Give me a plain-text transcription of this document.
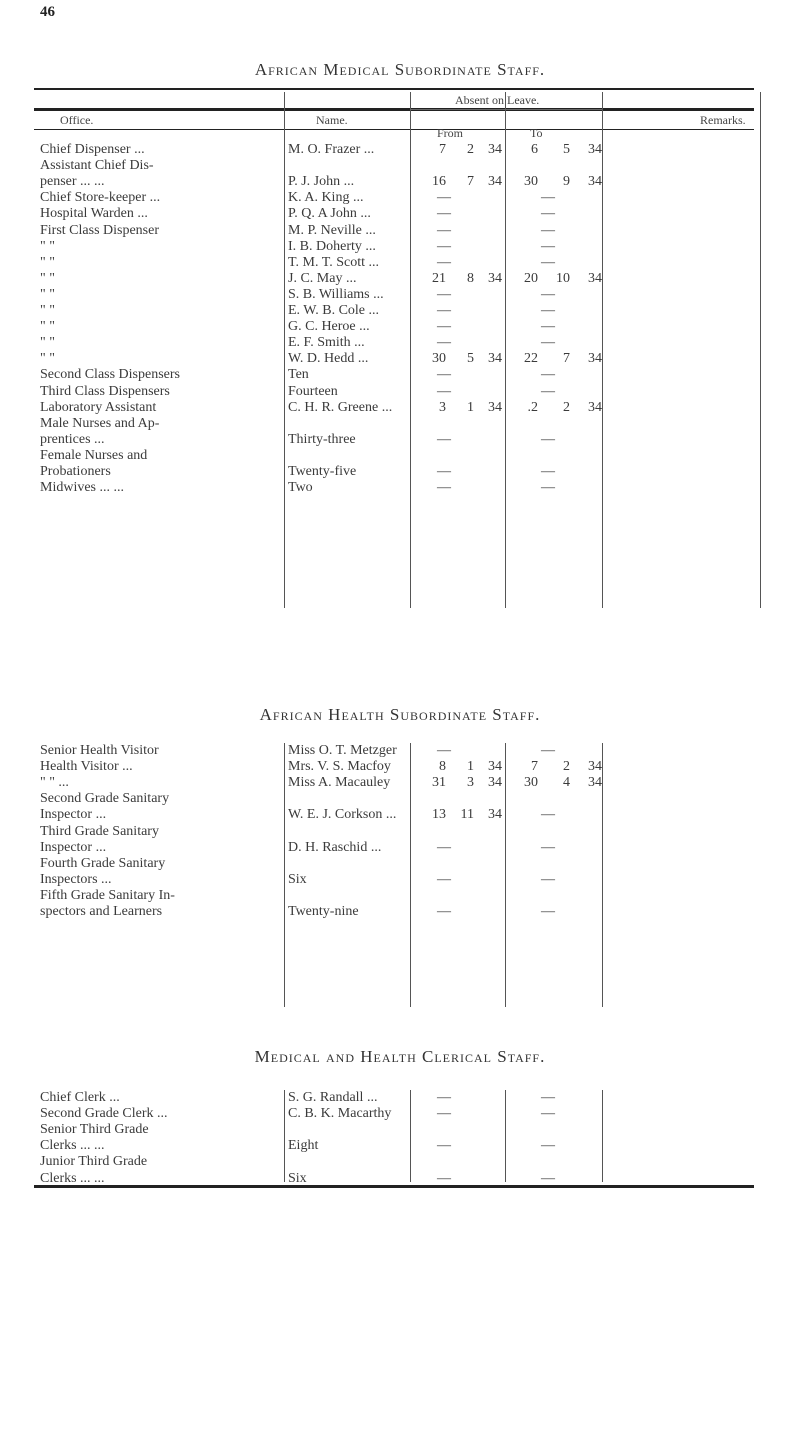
46
African Medical Subordinate Staff.
Office.	Name.
Absent on Leave.
From	To
Remarks.
Chief Dispenser ...	M. O. Frazer ...	7	2	34	6	5	34
Assistant Chief Dis-
penser ... ...	P. J. John ...	16	7	34	30	9	34
Chief Store-keeper ...	K. A. King ...	—	—
Hospital Warden ...	P. Q. A John ...	—	—
First Class Dispenser	M. P. Neville ...	—	—
" "	I. B. Doherty ...	—	—
" "	T. M. T. Scott ...	—	—
" "	J. C. May ...	21	8	34	20	10	34
" "	S. B. Williams ...	—	—
" "	E. W. B. Cole ...	—	—
" "	G. C. Heroe ...	—	—
" "	E. F. Smith ...	—	—
" "	W. D. Hedd ...	30	5	34	22	7	34
Second Class Dispensers	Ten	—	—
Third Class Dispensers	Fourteen	—	—
Laboratory Assistant	C. H. R. Greene ...	3	1	34	.2	2	34
Male Nurses and Ap-
prentices ...	Thirty-three	—	—
Female Nurses and
Probationers	Twenty-five	—	—
Midwives ... ...	Two	—	—
African Health Subordinate Staff.
Senior Health Visitor	Miss O. T. Metzger	—	—
Health Visitor ...	Mrs. V. S. Macfoy	8	1	34	7	2	34
" " ...	Miss A. Macauley	31	3	34	30	4	34
Second Grade Sanitary
Inspector ...	W. E. J. Corkson ...	13	11	34	—
Third Grade Sanitary
Inspector ...	D. H. Raschid ...	—	—
Fourth Grade Sanitary
Inspectors ...	Six	—	—
Fifth Grade Sanitary In-
spectors and Learners	Twenty-nine	—	—
Medical and Health Clerical Staff.
Chief Clerk ...	S. G. Randall ...	—	—
Second Grade Clerk ...	C. B. K. Macarthy	—	—
Senior Third Grade
Clerks ... ...	Eight	—	—
Junior Third Grade
Clerks ... ...	Six	—	—
